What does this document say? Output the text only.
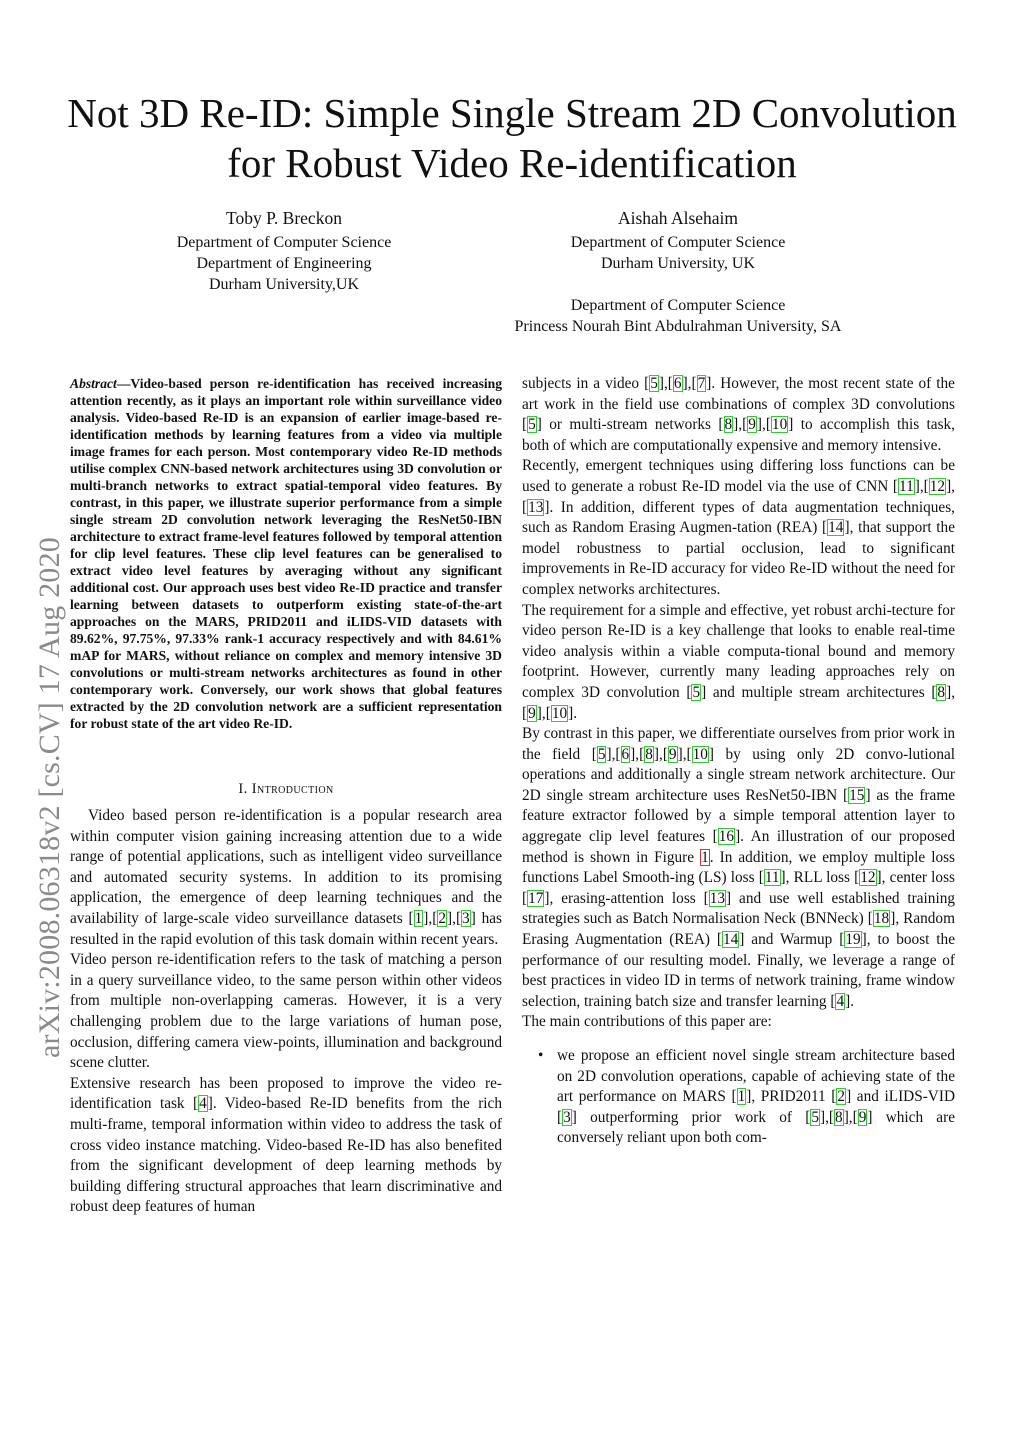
arXiv:2008.06318v2 [cs.CV] 17 Aug 2020
Not 3D Re-ID: Simple Single Stream 2D Convolution for Robust Video Re-identification
Toby P. Breckon
Department of Computer Science
Department of Engineering
Durham University,UK
Aishah Alsehaim
Department of Computer Science
Durham University, UK
Department of Computer Science
Princess Nourah Bint Abdulrahman University, SA
Abstract—Video-based person re-identification has received increasing attention recently, as it plays an important role within surveillance video analysis. Video-based Re-ID is an expansion of earlier image-based re-identification methods by learning features from a video via multiple image frames for each person. Most contemporary video Re-ID methods utilise complex CNN-based network architectures using 3D convolution or multi-branch networks to extract spatial-temporal video features. By contrast, in this paper, we illustrate superior performance from a simple single stream 2D convolution network leveraging the ResNet50-IBN architecture to extract frame-level features followed by temporal attention for clip level features. These clip level features can be generalised to extract video level features by averaging without any significant additional cost. Our approach uses best video Re-ID practice and transfer learning between datasets to outperform existing state-of-the-art approaches on the MARS, PRID2011 and iLIDS-VID datasets with 89.62%, 97.75%, 97.33% rank-1 accuracy respectively and with 84.61% mAP for MARS, without reliance on complex and memory intensive 3D convolutions or multi-stream networks architectures as found in other contemporary work. Conversely, our work shows that global features extracted by the 2D convolution network are a sufficient representation for robust state of the art video Re-ID.
I. Introduction

Video based person re-identification is a popular research area within computer vision gaining increasing attention due to a wide range of potential applications, such as intelligent video surveillance and automated security systems. In addition to its promising application, the emergence of deep learning techniques and the availability of large-scale video surveillance datasets [1],[2],[3] has resulted in the rapid evolution of this task domain within recent years.

Video person re-identification refers to the task of matching a person in a query surveillance video, to the same person within other videos from multiple non-overlapping cameras. However, it is a very challenging problem due to the large variations of human pose, occlusion, differing camera view-points, illumination and background scene clutter.

Extensive research has been proposed to improve the video re-identification task [4]. Video-based Re-ID benefits from the rich multi-frame, temporal information within video to address the task of cross video instance matching. Video-based Re-ID has also benefited from the significant development of deep learning methods by building differing structural approaches that learn discriminative and robust deep features of human

subjects in a video [5],[6],[7]. However, the most recent state of the art work in the field use combinations of complex 3D convolutions [5] or multi-stream networks [8],[9],[10] to accomplish this task, both of which are computationally expensive and memory intensive.

Recently, emergent techniques using differing loss functions can be used to generate a robust Re-ID model via the use of CNN [11],[12],[13]. In addition, different types of data augmentation techniques, such as Random Erasing Augmen-tation (REA) [14], that support the model robustness to partial occlusion, lead to significant improvements in Re-ID accuracy for video Re-ID without the need for complex networks architectures.

The requirement for a simple and effective, yet robust archi-tecture for video person Re-ID is a key challenge that looks to enable real-time video analysis within a viable computa-tional bound and memory footprint. However, currently many leading approaches rely on complex 3D convolution [5] and multiple stream architectures [8],[9],[10].

By contrast in this paper, we differentiate ourselves from prior work in the field [5],[6],[8],[9],[10] by using only 2D convo-lutional operations and additionally a single stream network architecture. Our 2D single stream architecture uses ResNet50-IBN [15] as the frame feature extractor followed by a simple temporal attention layer to aggregate clip level features [16]. An illustration of our proposed method is shown in Figure 1. In addition, we employ multiple loss functions Label Smooth-ing (LS) loss [11], RLL loss [12], center loss [17], erasing-attention loss [13] and use well established training strategies such as Batch Normalisation Neck (BNNeck) [18], Random Erasing Augmentation (REA) [14] and Warmup [19], to boost the performance of our resulting model. Finally, we leverage a range of best practices in video ID in terms of network training, frame window selection, training batch size and transfer learning [4].

The main contributions of this paper are:

• we propose an efficient novel single stream architecture based on 2D convolution operations, capable of achieving state of the art performance on MARS [1], PRID2011 [2] and iLIDS-VID [3] outperforming prior work of [5],[8],[9] which are conversely reliant upon both com-
